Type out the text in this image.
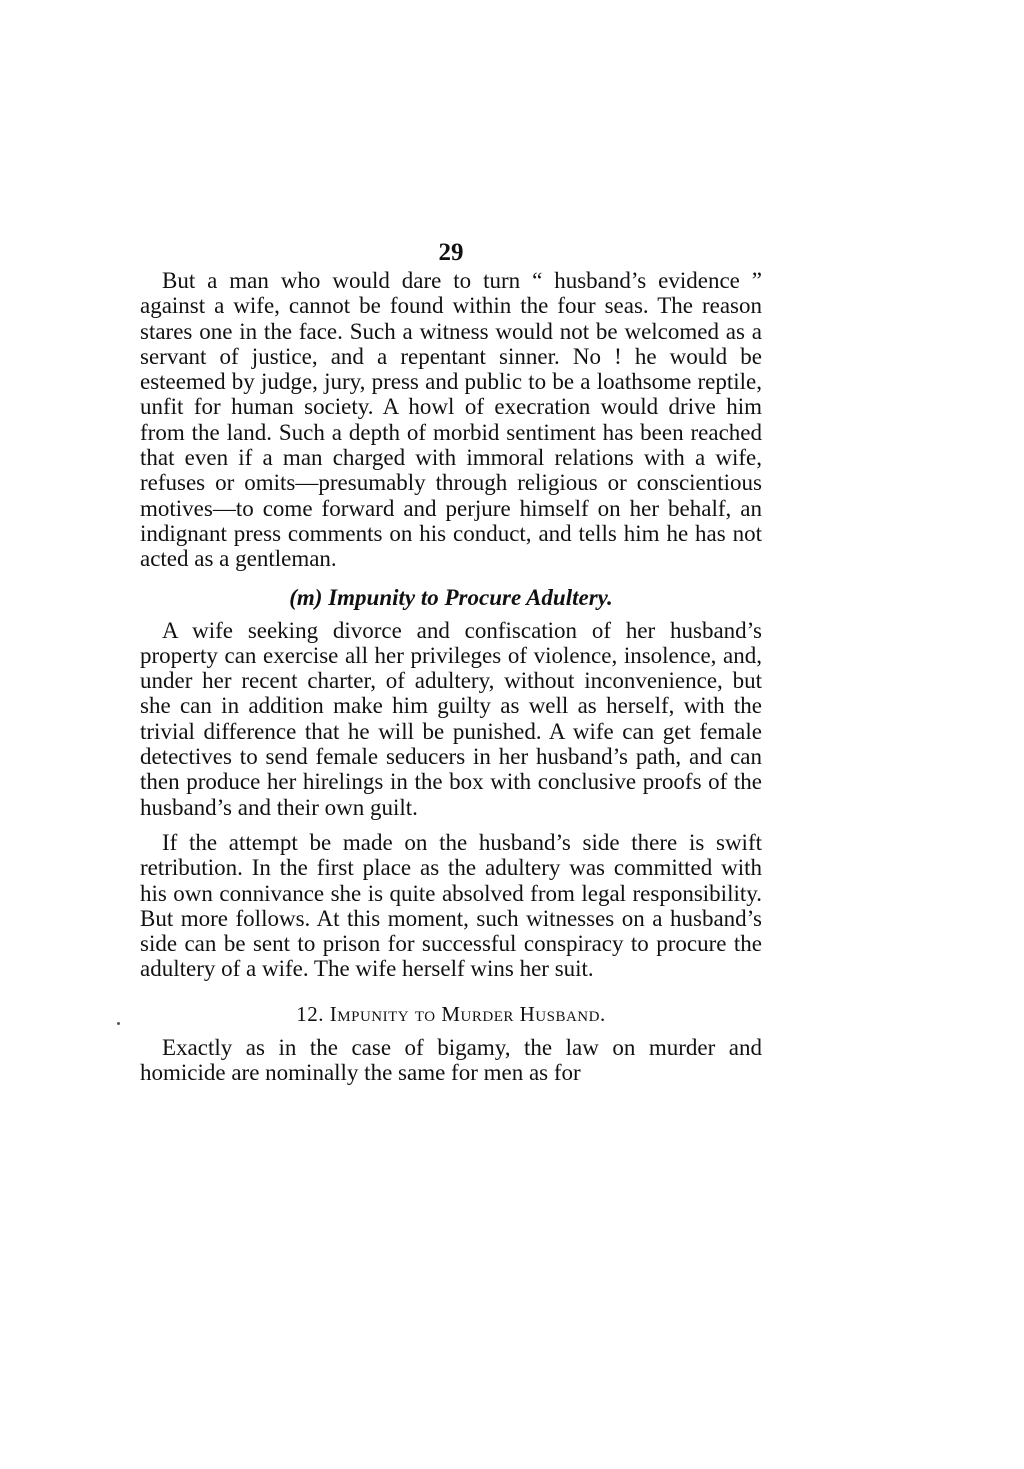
29

But a man who would dare to turn “ husband’s evidence ” against a wife, cannot be found within the four seas. The reason stares one in the face. Such a witness would not be welcomed as a servant of justice, and a repentant sinner. No ! he would be esteemed by judge, jury, press and public to be a loathsome reptile, unfit for human society. A howl of execration would drive him from the land. Such a depth of morbid sentiment has been reached that even if a man charged with immoral relations with a wife, refuses or omits—presumably through religious or conscientious motives—to come forward and perjure himself on her behalf, an indignant press comments on his conduct, and tells him he has not acted as a gentleman.

(m) Impunity to Procure Adultery.

A wife seeking divorce and confiscation of her husband’s property can exercise all her privileges of violence, insolence, and, under her recent charter, of adultery, without inconvenience, but she can in addition make him guilty as well as herself, with the trivial difference that he will be punished. A wife can get female detectives to send female seducers in her husband’s path, and can then produce her hirelings in the box with conclusive proofs of the husband’s and their own guilt.

If the attempt be made on the husband’s side there is swift retribution. In the first place as the adultery was committed with his own connivance she is quite absolved from legal responsibility. But more follows. At this moment, such witnesses on a husband’s side can be sent to prison for successful conspiracy to procure the adultery of a wife. The wife herself wins her suit.

12. Impunity to Murder Husband.

Exactly as in the case of bigamy, the law on murder and homicide are nominally the same for men as for
